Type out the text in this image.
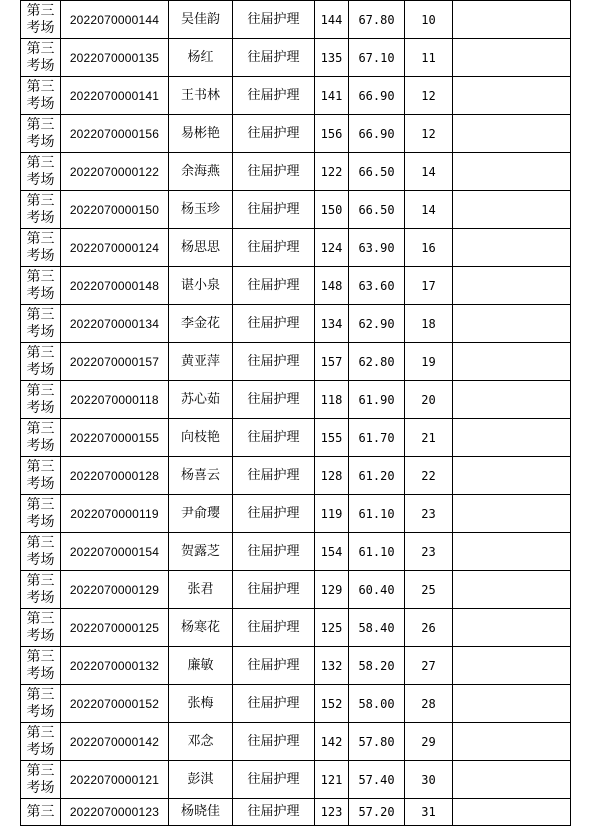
第三考场	2022070000144	吴佳韵	往届护理	144	67.80	10	
第三考场	2022070000135	杨红	往届护理	135	67.10	11	
第三考场	2022070000141	王书林	往届护理	141	66.90	12	
第三考场	2022070000156	易彬艳	往届护理	156	66.90	12	
第三考场	2022070000122	余海燕	往届护理	122	66.50	14	
第三考场	2022070000150	杨玉珍	往届护理	150	66.50	14	
第三考场	2022070000124	杨思思	往届护理	124	63.90	16	
第三考场	2022070000148	谌小泉	往届护理	148	63.60	17	
第三考场	2022070000134	李金花	往届护理	134	62.90	18	
第三考场	2022070000157	黄亚萍	往届护理	157	62.80	19	
第三考场	2022070000118	苏心茹	往届护理	118	61.90	20	
第三考场	2022070000155	向枝艳	往届护理	155	61.70	21	
第三考场	2022070000128	杨喜云	往届护理	128	61.20	22	
第三考场	2022070000119	尹俞璎	往届护理	119	61.10	23	
第三考场	2022070000154	贺露芝	往届护理	154	61.10	23	
第三考场	2022070000129	张君	往届护理	129	60.40	25	
第三考场	2022070000125	杨寒花	往届护理	125	58.40	26	
第三考场	2022070000132	廉敏	往届护理	132	58.20	27	
第三考场	2022070000152	张梅	往届护理	152	58.00	28	
第三考场	2022070000142	邓念	往届护理	142	57.80	29	
第三考场	2022070000121	彭淇	往届护理	121	57.40	30	
第三	2022070000123	杨晓佳	往届护理	123	57.20	31	
